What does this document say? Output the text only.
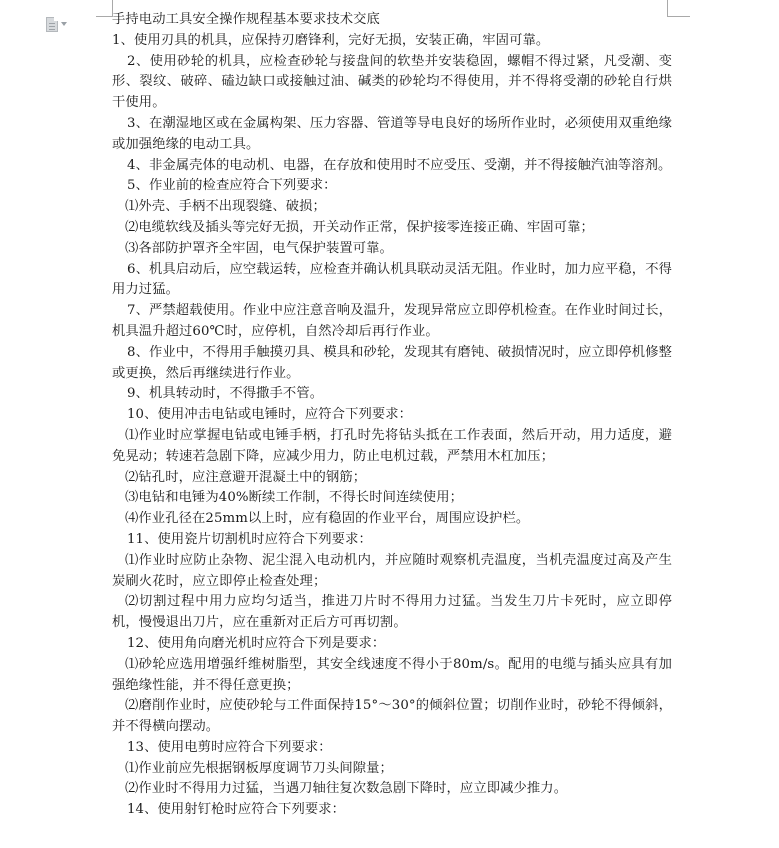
手持电动工具安全操作规程基本要求技术交底

1、使用刃具的机具，应保持刃磨锋利，完好无损，安装正确，牢固可靠。

2、使用砂轮的机具，应检查砂轮与接盘间的软垫并安装稳固，螺帽不得过紧，凡受潮、变形、裂纹、破碎、磕边缺口或接触过油、碱类的砂轮均不得使用，并不得将受潮的砂轮自行烘干使用。

3、在潮湿地区或在金属构架、压力容器、管道等导电良好的场所作业时，必须使用双重绝缘或加强绝缘的电动工具。

4、非金属壳体的电动机、电器，在存放和使用时不应受压、受潮，并不得接触汽油等溶剂。

5、作业前的检查应符合下列要求：

⑴外壳、手柄不出现裂缝、破损；

⑵电缆软线及插头等完好无损，开关动作正常，保护接零连接正确、牢固可靠；

⑶各部防护罩齐全牢固，电气保护装置可靠。

6、机具启动后，应空载运转，应检查并确认机具联动灵活无阻。作业时，加力应平稳，不得用力过猛。

7、严禁超载使用。作业中应注意音响及温升，发现异常应立即停机检查。在作业时间过长，机具温升超过60℃时，应停机，自然冷却后再行作业。

8、作业中，不得用手触摸刃具、模具和砂轮，发现其有磨钝、破损情况时，应立即停机修整或更换，然后再继续进行作业。

9、机具转动时，不得撒手不管。

10、使用冲击电钻或电锤时，应符合下列要求：

⑴作业时应掌握电钻或电锤手柄，打孔时先将钻头抵在工作表面，然后开动，用力适度，避免晃动；转速若急剧下降，应减少用力，防止电机过载，严禁用木杠加压；

⑵钻孔时，应注意避开混凝土中的钢筋；

⑶电钻和电锤为40%断续工作制，不得长时间连续使用；

⑷作业孔径在25mm以上时，应有稳固的作业平台，周围应设护栏。

11、使用瓷片切割机时应符合下列要求：

⑴作业时应防止杂物、泥尘混入电动机内，并应随时观察机壳温度，当机壳温度过高及产生炭刷火花时，应立即停止检查处理；

⑵切割过程中用力应均匀适当，推进刀片时不得用力过猛。当发生刀片卡死时，应立即停机，慢慢退出刀片，应在重新对正后方可再切割。

12、使用角向磨光机时应符合下列是要求：

⑴砂轮应选用增强纤维树脂型，其安全线速度不得小于80m/s。配用的电缆与插头应具有加强绝缘性能，并不得任意更换；

⑵磨削作业时，应使砂轮与工件面保持15°～30°的倾斜位置；切削作业时，砂轮不得倾斜，并不得横向摆动。

13、使用电剪时应符合下列要求：

⑴作业前应先根据钢板厚度调节刀头间隙量；

⑵作业时不得用力过猛，当遇刀轴往复次数急剧下降时，应立即减少推力。

14、使用射钉枪时应符合下列要求：
